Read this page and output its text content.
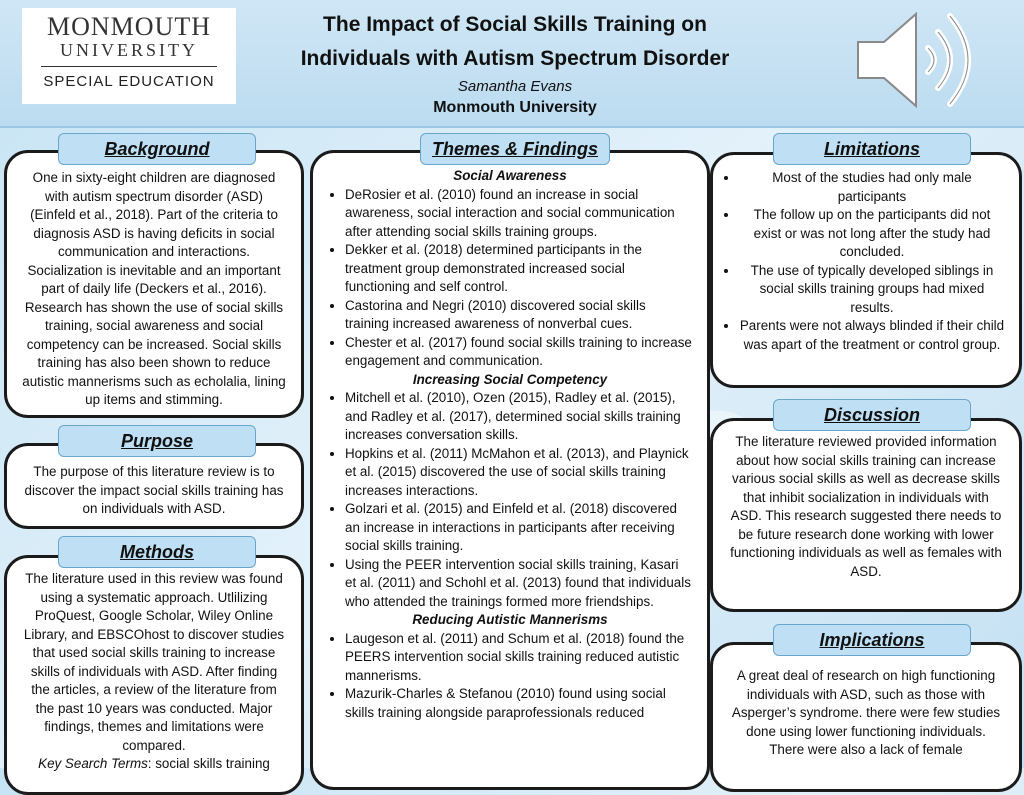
MONMOUTH
UNIVERSITY
SPECIAL EDUCATION
The Impact of Social Skills Training on
Individuals with Autism Spectrum Disorder
Samantha Evans
Monmouth University
One in sixty-eight children are diagnosed with autism spectrum disorder (ASD) (Einfeld et al., 2018). Part of the criteria to diagnosis ASD is having deficits in social communication and interactions. Socialization is inevitable and an important part of daily life (Deckers et al., 2016). Research has shown the use of social skills training, social awareness and social competency can be increased. Social skills training has also been shown to reduce autistic mannerisms such as echolalia, lining up items and stimming.
Background
The purpose of this literature review is to discover the impact social skills training has on individuals with ASD.
Purpose
The literature used in this review was found using a systematic approach. Utlilizing ProQuest, Google Scholar, Wiley Online Library, and EBSCOhost to discover studies that used social skills training to increase skills of individuals with ASD. After finding the articles, a review of the literature from the past 10 years was conducted. Major findings, themes and limitations were compared.
Key Search Terms: social skills training
Methods
Social Awareness
• DeRosier et al. (2010) found an increase in social awareness, social interaction and social communication after attending social skills training groups.
• Dekker et al. (2018) determined participants in the treatment group demonstrated increased social functioning and self control.
• Castorina and Negri (2010) discovered social skills training increased awareness of nonverbal cues.
• Chester et al. (2017) found social skills training to increase engagement and communication.
Increasing Social Competency
• Mitchell et al. (2010), Ozen (2015), Radley et al. (2015), and Radley et al. (2017), determined social skills training increases conversation skills.
• Hopkins et al. (2011) McMahon et al. (2013), and Playnick et al. (2015) discovered the use of social skills training increases interactions.
• Golzari et al. (2015) and Einfeld et al. (2018) discovered an increase in interactions in participants after receiving social skills training.
• Using the PEER intervention social skills training, Kasari et al. (2011) and Schohl et al. (2013) found that individuals who attended the trainings formed more friendships.
Reducing Autistic Mannerisms
• Laugeson et al. (2011) and Schum et al. (2018) found the PEERS intervention social skills training reduced autistic mannerisms.
• Mazurik-Charles & Stefanou (2010) found using social skills training alongside paraprofessionals reduced
Themes & Findings
• Most of the studies had only male participants
• The follow up on the participants did not exist or was not long after the study had concluded.
• The use of typically developed siblings in social skills training groups had mixed results.
• Parents were not always blinded if their child was apart of the treatment or control group.
Limitations
The literature reviewed provided information about how social skills training can increase various social skills as well as decrease skills that inhibit socialization in individuals with ASD. This research suggested there needs to be future research done working with lower functioning individuals as well as females with ASD.
Discussion
A great deal of research on high functioning individuals with ASD, such as those with Asperger’s syndrome. there were few studies done using lower functioning individuals. There were also a lack of female
Implications
